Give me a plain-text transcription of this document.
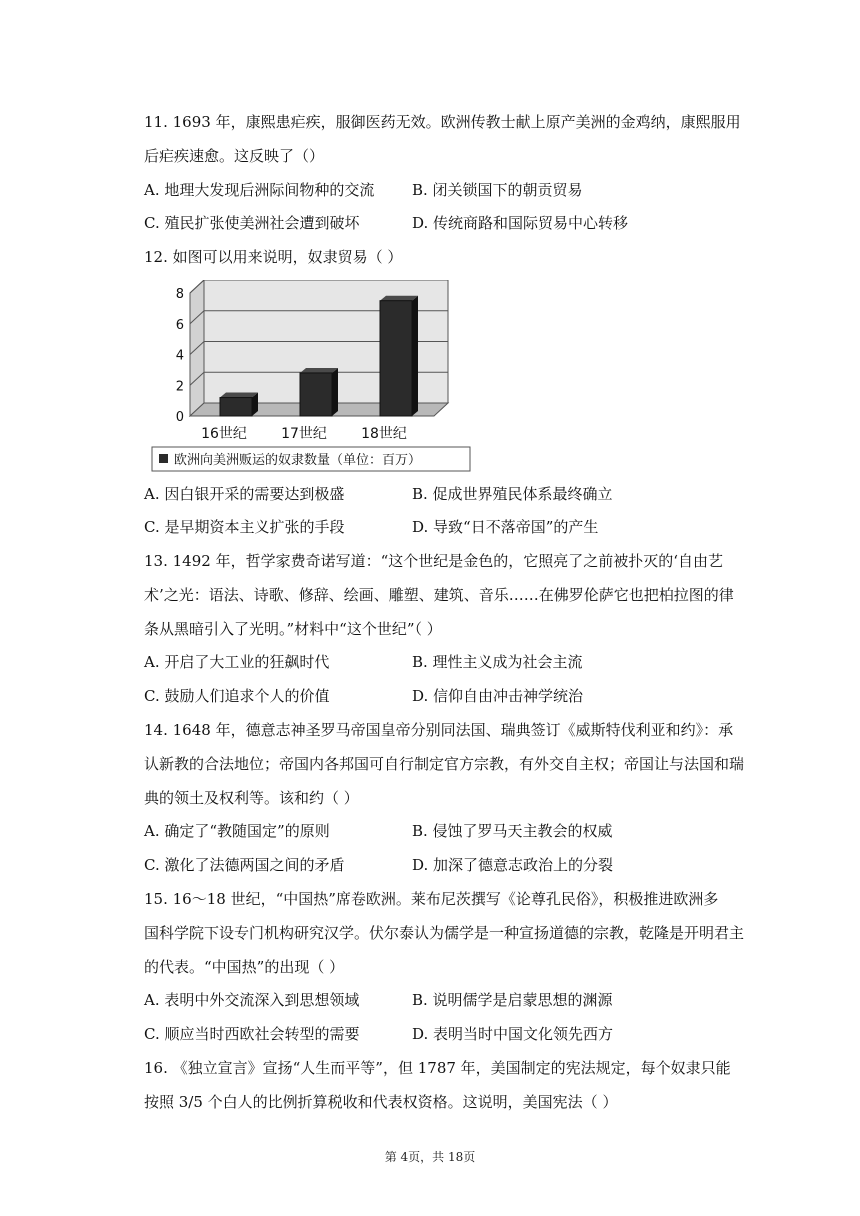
11. 1693 年，康熙患疟疾，服御医药无效。欧洲传教士献上原产美洲的金鸡纳，康熙服用
后疟疾速愈。这反映了（）
A. 地理大发现后洲际间物种的交流	B. 闭关锁国下的朝贡贸易
C. 殖民扩张使美洲社会遭到破坏	D. 传统商路和国际贸易中心转移
12. 如图可以用来说明，奴隶贸易（ ）
0
2
4
6
8
16世纪 17世纪 18世纪
欧洲向美洲贩运的奴隶数量（单位：百万）
A. 因白银开采的需要达到极盛	B. 促成世界殖民体系最终确立
C. 是早期资本主义扩张的手段	D. 导致“日不落帝国”的产生
13. 1492 年，哲学家费奇诺写道：“这个世纪是金色的，它照亮了之前被扑灭的‘自由艺
术’之光：语法、诗歌、修辞、绘画、雕塑、建筑、音乐……在佛罗伦萨它也把柏拉图的律
条从黑暗引入了光明。”材料中“这个世纪”（ ）
A. 开启了大工业的狂飙时代	B. 理性主义成为社会主流
C. 鼓励人们追求个人的价值	D. 信仰自由冲击神学统治
14. 1648 年，德意志神圣罗马帝国皇帝分别同法国、瑞典签订《威斯特伐利亚和约》：承
认新教的合法地位；帝国内各邦国可自行制定官方宗教，有外交自主权；帝国让与法国和瑞
典的领土及权利等。该和约（ ）
A. 确定了“教随国定”的原则	B. 侵蚀了罗马天主教会的权威
C. 激化了法德两国之间的矛盾	D. 加深了德意志政治上的分裂
15. 16～18 世纪，“中国热”席卷欧洲。莱布尼茨撰写《论尊孔民俗》，积极推进欧洲多
国科学院下设专门机构研究汉学。伏尔泰认为儒学是一种宣扬道德的宗教，乾隆是开明君主
的代表。“中国热”的出现（ ）
A. 表明中外交流深入到思想领域	B. 说明儒学是启蒙思想的渊源
C. 顺应当时西欧社会转型的需要	D. 表明当时中国文化领先西方
16. 《独立宣言》宣扬“人生而平等”，但 1787 年，美国制定的宪法规定，每个奴隶只能
按照 3/5 个白人的比例折算税收和代表权资格。这说明，美国宪法（ ）
第 4页，共 18页
